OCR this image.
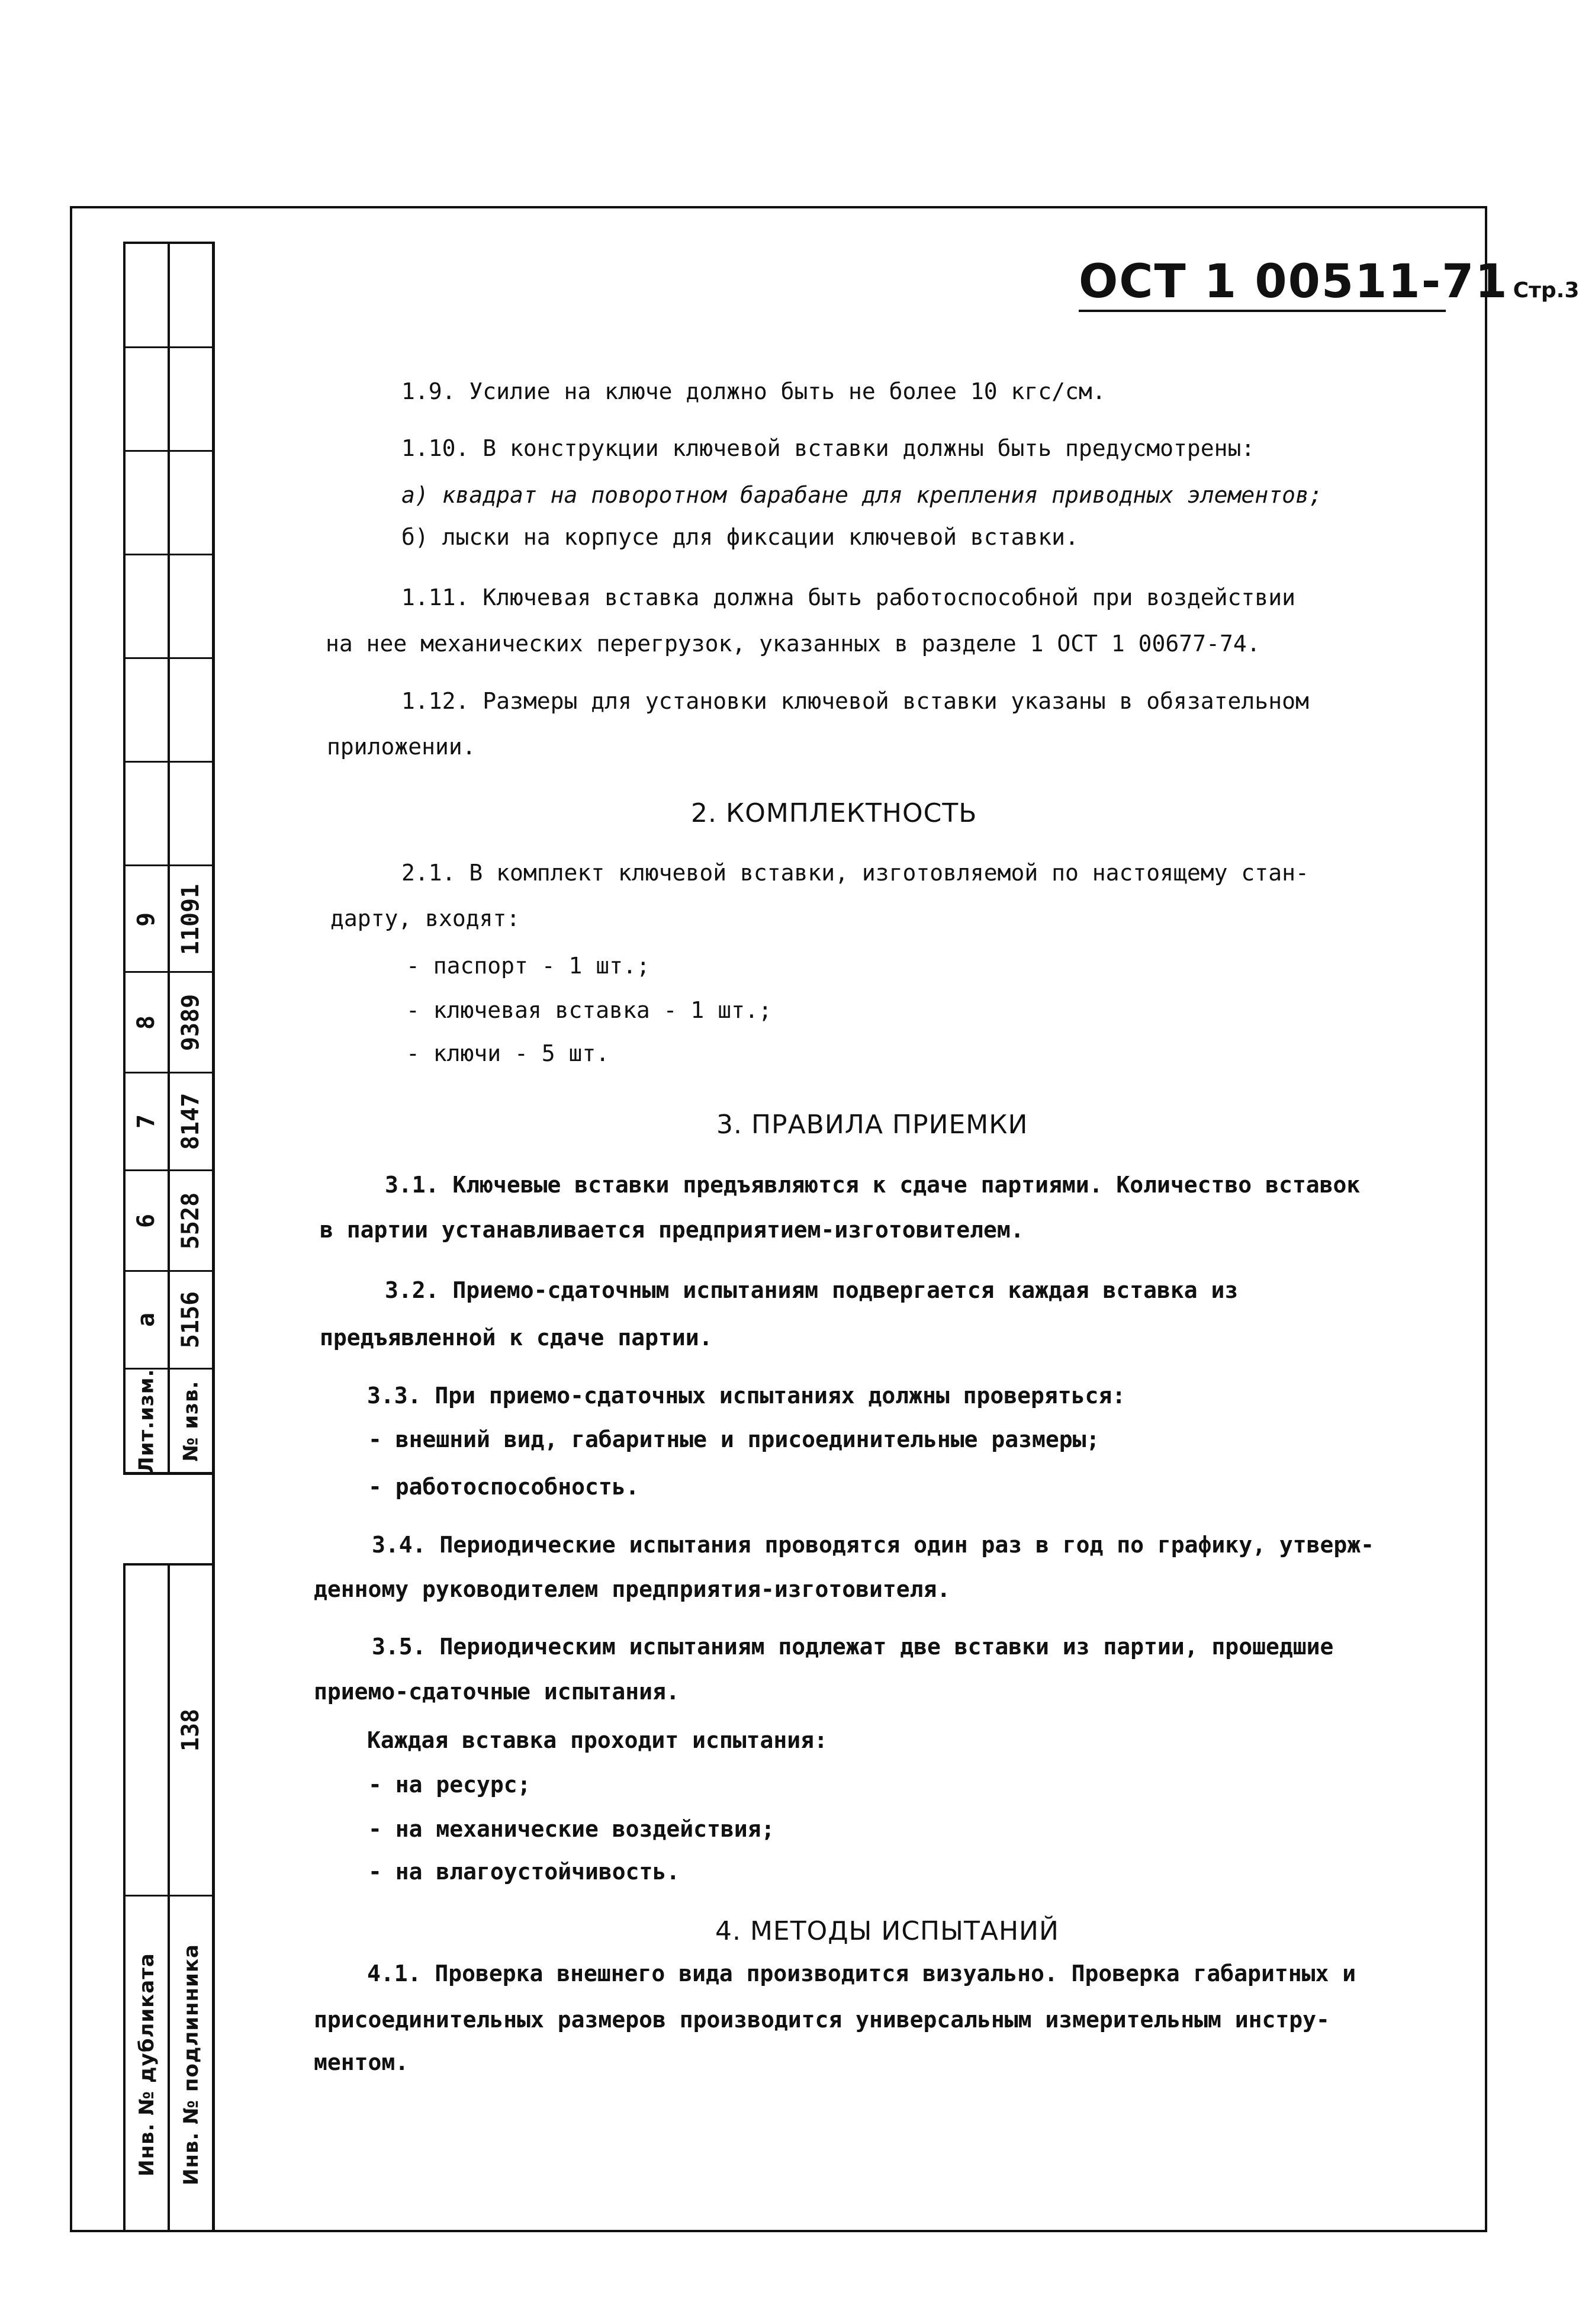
9
8
7
6
а
11091
9389
8147
5528
5156
Лит.изм. № изв.
138
Инв. № дубликата Инв. № подлинника
ОСТ 1 00511-71 Стр.3
1.9. Усилие на ключе должно быть не более 10 кгс/см.
1.10. В конструкции ключевой вставки должны быть предусмотрены:
а) квадрат на поворотном барабане для крепления приводных элементов;
б) лыски на корпусе для фиксации ключевой вставки.
1.11. Ключевая вставка должна быть работоспособной при воздействии
на нее механических перегрузок, указанных в разделе 1 ОСТ 1 00677-74.
1.12. Размеры для установки ключевой вставки указаны в обязательном
приложении.
2. КОМПЛЕКТНОСТЬ
2.1. В комплект ключевой вставки, изготовляемой по настоящему стан-
дарту, входят:
- паспорт - 1 шт.;
- ключевая вставка - 1 шт.;
- ключи - 5 шт.
3. ПРАВИЛА ПРИЕМКИ
3.1. Ключевые вставки предъявляются к сдаче партиями. Количество вставок
в партии устанавливается предприятием-изготовителем.
3.2. Приемо-сдаточным испытаниям подвергается каждая вставка из
предъявленной к сдаче партии.
3.3. При приемо-сдаточных испытаниях должны проверяться:
- внешний вид, габаритные и присоединительные размеры;
- работоспособность.
3.4. Периодические испытания проводятся один раз в год по графику, утверж-
денному руководителем предприятия-изготовителя.
3.5. Периодическим испытаниям подлежат две вставки из партии, прошедшие
приемо-сдаточные испытания.
Каждая вставка проходит испытания:
- на ресурс;
- на механические воздействия;
- на влагоустойчивость.
4. МЕТОДЫ ИСПЫТАНИЙ
4.1. Проверка внешнего вида производится визуально. Проверка габаритных и
присоединительных размеров производится универсальным измерительным инстру-
ментом.
